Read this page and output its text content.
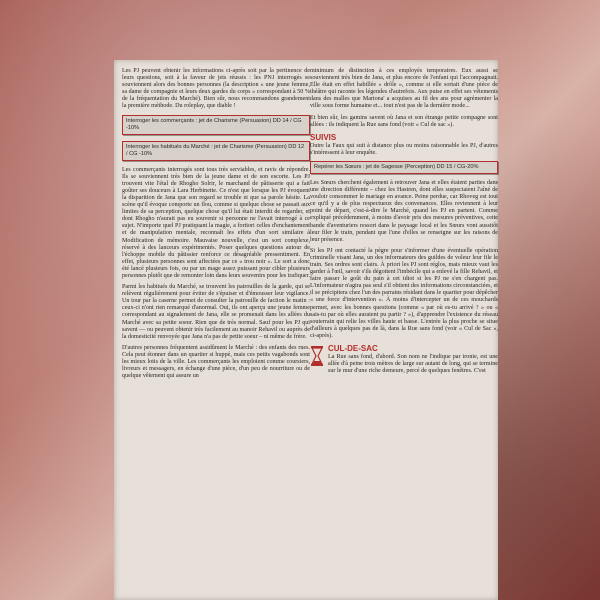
Les PJ peuvent obtenir les informations ci-après soit par la pertinence de leurs questions, soit à la faveur de jets réussis : les PNJ interrogés se souviennent alors des bonnes personnes (la description « une jeune femme, sa dame de compagnie et leurs deux gardes du corps » correspondant à 50 % de la fréquentation du Marché). Bien sûr, nous recommandons grandement la première méthode. Du roleplay, que diable !

Interroger les commerçants : jet de Charisme (Persuasion) DD 14 / CG -10%
Interroger les habitués du Marché : jet de Charisme (Persuasion) DD 12 / CG -10%

Les commerçants interrogés sont tous très serviables, et ravis de répondre. Ils se souviennent très bien de la jeune dame et de son escorte. Les PJ trouvent vite l'étal de Rhogho Solrir, le marchand de pâtisserie qui a fait goûter ses douceurs à Lara Herbinette. Ce n'est que lorsque les PJ évoquent la disparition de Jana que son regard se trouble et que sa parole hésite. La scène qu'il évoque comporte un flou, comme si quelque chose se passait aux limites de sa perception, quelque chose qu'il lui était interdit de regarder, et dont Rhogho n'aurait pas eu souvenir si personne ne l'avait interrogé à ce sujet. N'importe quel PJ pratiquant la magie, a fortiori celles d'enchantement et de manipulation mentale, reconnaît les effets d'un sort similaire à Modification de mémoire. Mauvaise nouvelle, c'est un sort complexe, réservé à des lanceurs expérimentés. Poser quelques questions autour de l'échoppe mobile du pâtissier renforce ce désagréable pressentiment. En effet, plusieurs personnes sont affectées par ce « trou noir ». Le sort a donc été lancé plusieurs fois, ou par un mage assez puissant pour cibler plusieurs personnes plutôt que de remonter loin dans leurs souvenirs pour les trafiquer.

Parmi les habitués du Marché, se trouvent les patrouilles de la garde, qui se relèvent régulièrement pour éviter de s'épuiser et d'émousser leur vigilance. Un tour par la caserne permet de consulter la patrouille de faction le matin : ceux-ci n'ont rien remarqué d'anormal. Oui, ils ont aperçu une jeune femme correspondant au signalement de Jana, elle se promenait dans les allées du Marché avec sa petite soeur. Rien que de très normal. Sauf pour les PJ qui savent — ou peuvent obtenir très facilement au manoir Rehavil ou auprès de la domesticité renvoyée que Jana n'a pas de petite soeur – ni même de frère.

D'autres personnes fréquentent assidûment le Marché : des enfants des rues. Cela peut étonner dans un quartier si huppé, mais ces petits vagabonds sont les mieux lotis de la ville. Les commerçants les emploient comme coursiers, livreurs et messagers, en échange d'une pièce, d'un peu de nourriture ou de quelque vêtement qui assure un

minimum de distinction à ces employés temporaires. Eux aussi se souviennent très bien de Jana, et plus encore de l'enfant qui l'accompagnait. Elle était en effet habillée « drôle », comme si elle sortait d'une pièce de théâtre qui raconte les légendes d'autrefois. Aux puise en effet ses vêtements dans des malles que Martona' a acquises au fil des ans pour agrémenter la ville sous forme humaine et... tout n'est pas de la dernière mode...

Et bien sûr, les gamins savent où Jana et son étrange petite compagne sont allées : ils indiquent la Rue sans fond (voir « Cul de sac »).

SUIVIS

Outre la Faux qui suit à distance plus ou moins raisonnable les PJ, d'autres s'intéressent à leur enquête.

Repérer les Sœurs : jet de Sagesse (Perception) DD 15 / CG-20%

Les Sœurs cherchent également à retrouver Jana et elles étaient parties dans une direction différente – chez les Hastren, dont elles suspectaient l'aîné de vouloir consommer le mariage en avance. Peine perdue, car Rhoveg est tout ce qu'il y a de plus respectueux des convenances. Elles reviennent à leur point de départ, c'est-à-dire le Marché, quand les PJ en partent. Comme expliqué précédemment, à moins d'avoir pris des mesures préventives, cette bande d'aventuriers ressort dans le paysage local et les Sœurs vont aussitôt leur filer le train, pendant que l'une d'elles se renseigne sur les raisons de leur présence.

Si les PJ ont contacté la pègre pour s'informer d'une éventuelle opération criminelle visant Jana, un des informateurs des guildes de voleur leur file le train. Ses ordres sont clairs. À priori les PJ sont réglos, mais mieux vaut les garder à l'œil, savoir s'ils dégottent l'imbécile qui a enlevé la fille Rehavil, et faire passer le goût du pain à cet idiot si les PJ ne s'en chargent pas. L'informateur n'agira pas seul s'il obtient des informations circonstanciées, et il se précipitera chez l'un des parrains résidant dans le quartier pour dépêcher « une force d'intervention ». À moins d'intercepter un de ces mouchards permet, avec les bonnes questions (comme « par où es-tu arrivé ? » ou « sais-tu par où elles auraient pu partir ? »), d'apprendre l'existence du réseau souterrain qui relie les villes haute et basse. L'entrée la plus proche se situe d'ailleurs à quelques pas de là, dans la Rue sans fond (voir « Cul de Sac », ci-après).

CUL-DE-SAC

La Rue sans fond, d'abord. Son nom ne l'indique par ironie, est une allée d'à peine trois mètres de large sur autant de long, qui se termine sur le mur d'une riche demeure, percé de quelques fenêtres. C'est
